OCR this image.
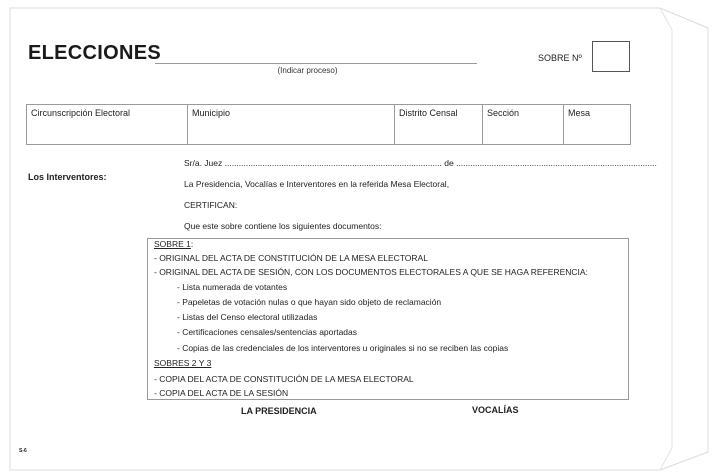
ELECCIONES
(Indicar proceso)
SOBRE Nº
Circunscripción Electoral	Municipio	Distrito Censal	Sección	Mesa
Los Interventores:
Sr/a. Juez ............................................................................................ de .....................................................................................
La Presidencia, Vocalías e Interventores en la referida Mesa Electoral,
CERTIFICAN:
Que este sobre contiene los siguientes documentos:
SOBRE 1:
- ORIGINAL DEL ACTA DE CONSTITUCIÓN DE LA MESA ELECTORAL
- ORIGINAL DEL ACTA DE SESIÓN, CON LOS DOCUMENTOS ELECTORALES A QUE SE HAGA REFERENCIA:
- Lista numerada de votantes
- Papeletas de votación nulas o que hayan sido objeto de reclamación
- Listas del Censo electoral utilizadas
- Certificaciones censales/sentencias aportadas
- Copias de las credenciales de los interventores u originales si no se reciben las copias
SOBRES 2 Y 3
- COPIA DEL ACTA DE CONSTITUCIÓN DE LA MESA ELECTORAL
- COPIA DEL ACTA DE LA SESIÓN
LA PRESIDENCIA	VOCALÍAS
S-6
